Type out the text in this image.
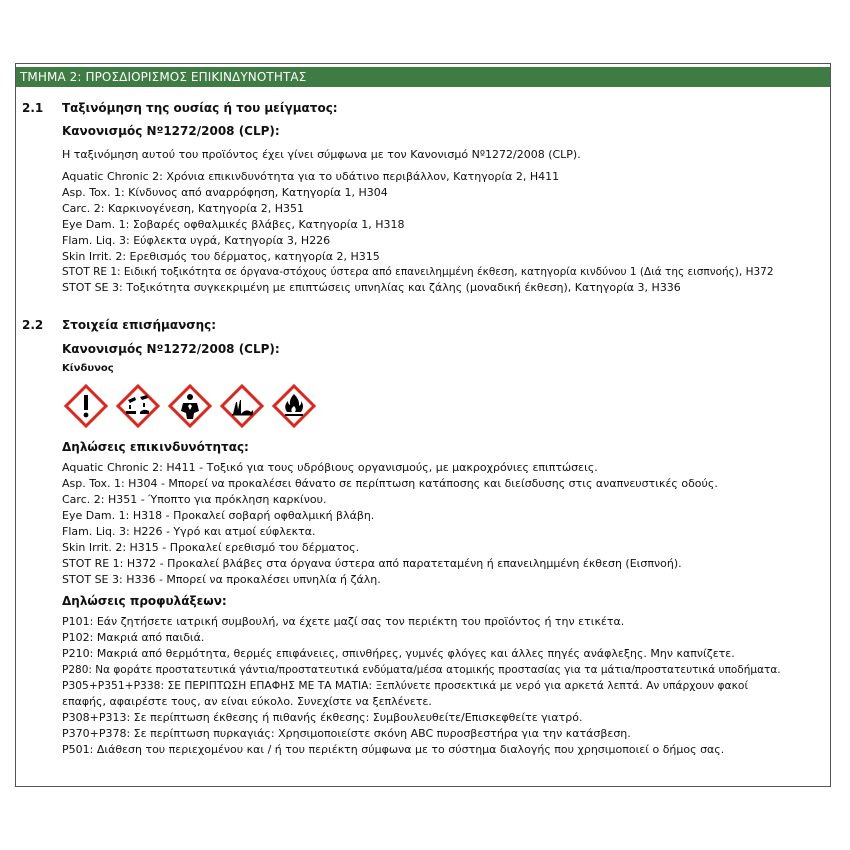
ΤΜΗΜΑ 2: ΠΡΟΣΔΙΟΡΙΣΜΟΣ ΕΠΙΚΙΝΔΥΝΟΤΗΤΑΣ
2.1 Ταξινόμηση της ουσίας ή του μείγματος:
Κανονισμός Nº1272/2008 (CLP):
Η ταξινόμηση αυτού του προϊόντος έχει γίνει σύμφωνα με τον Κανονισμό Nº1272/2008 (CLP).
Aquatic Chronic 2: Χρόνια επικινδυνότητα για το υδάτινο περιβάλλον, Κατηγορία 2, H411
Asp. Tox. 1: Κίνδυνος από αναρρόφηση, Κατηγορία 1, H304
Carc. 2: Καρκινογένεση, Κατηγορία 2, H351
Eye Dam. 1: Σοβαρές οφθαλμικές βλάβες, Κατηγορία 1, H318
Flam. Liq. 3: Εύφλεκτα υγρά, Κατηγορία 3, H226
Skin Irrit. 2: Ερεθισμός του δέρματος, κατηγορία 2, H315
STOT RE 1: Ειδική τοξικότητα σε όργανα-στόχους ύστερα από επανειλημμένη έκθεση, κατηγορία κινδύνου 1 (Διά της εισπνοής), H372
STOT SE 3: Τοξικότητα συγκεκριμένη με επιπτώσεις υπνηλίας και ζάλης (μοναδική έκθεση), Κατηγορία 3, H336
2.2 Στοιχεία επισήμανσης:
Κανονισμός Nº1272/2008 (CLP):
Κίνδυνος
Δηλώσεις επικινδυνότητας:
Aquatic Chronic 2: H411 - Τοξικό για τους υδρόβιους οργανισμούς, με μακροχρόνιες επιπτώσεις.
Asp. Tox. 1: H304 - Μπορεί να προκαλέσει θάνατο σε περίπτωση κατάποσης και διείσδυσης στις αναπνευστικές οδούς.
Carc. 2: H351 - Ύποπτο για πρόκληση καρκίνου.
Eye Dam. 1: H318 - Προκαλεί σοβαρή οφθαλμική βλάβη.
Flam. Liq. 3: H226 - Υγρό και ατμοί εύφλεκτα.
Skin Irrit. 2: H315 - Προκαλεί ερεθισμό του δέρματος.
STOT RE 1: H372 - Προκαλεί βλάβες στα όργανα ύστερα από παρατεταμένη ή επανειλημμένη έκθεση (Εισπνοή).
STOT SE 3: H336 - Μπορεί να προκαλέσει υπνηλία ή ζάλη.
Δηλώσεις προφυλάξεων:
P101: Εάν ζητήσετε ιατρική συμβουλή, να έχετε μαζί σας τον περιέκτη του προϊόντος ή την ετικέτα.
P102: Μακριά από παιδιά.
P210: Μακριά από θερμότητα, θερμές επιφάνειες, σπινθήρες, γυμνές φλόγες και άλλες πηγές ανάφλεξης. Μην καπνίζετε.
P280: Να φοράτε προστατευτικά γάντια/προστατευτικά ενδύματα/μέσα ατομικής προστασίας για τα μάτια/προστατευτικά υποδήματα.
P305+P351+P338: ΣΕ ΠΕΡΙΠΤΩΣΗ ΕΠΑΦΗΣ ΜΕ ΤΑ ΜΑΤΙΑ: Ξεπλύνετε προσεκτικά με νερό για αρκετά λεπτά. Αν υπάρχουν φακοί
επαφής, αφαιρέστε τους, αν είναι εύκολο. Συνεχίστε να ξεπλένετε.
P308+P313: Σε περίπτωση έκθεσης ή πιθανής έκθεσης: Συμβουλευθείτε/Επισκεφθείτε γιατρό.
P370+P378: Σε περίπτωση πυρκαγιάς: Χρησιμοποιείστε σκόνη ABC πυροσβεστήρα για την κατάσβεση.
P501: Διάθεση του περιεχομένου και / ή του περιέκτη σύμφωνα με το σύστημα διαλογής που χρησιμοποιεί ο δήμος σας.
